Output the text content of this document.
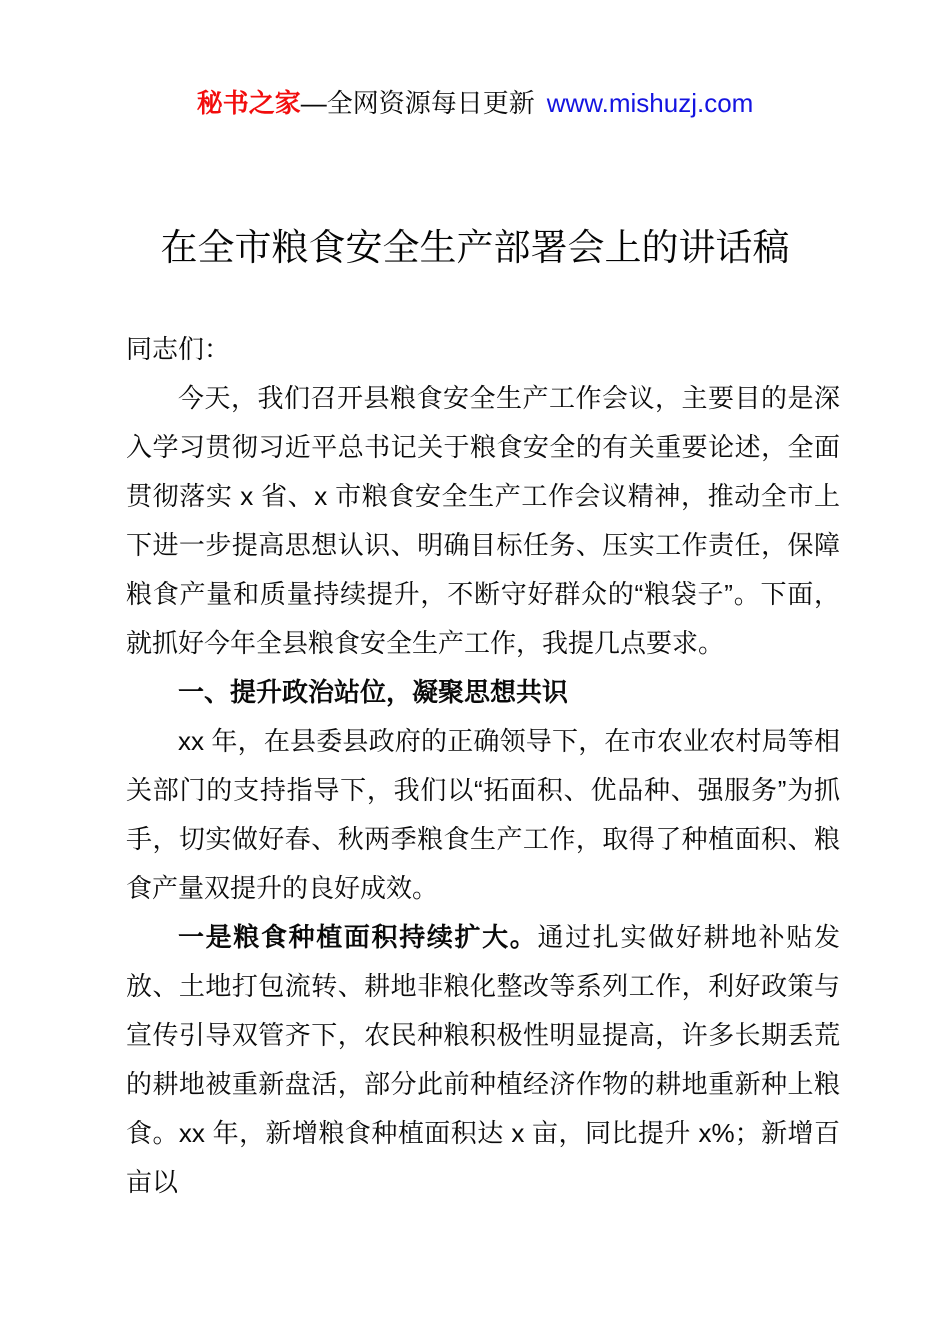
秘书之家—全网资源每日更新 www.mishuzj.com
在全市粮食安全生产部署会上的讲话稿

同志们：

今天，我们召开县粮食安全生产工作会议，主要目的是深入学习贯彻习近平总书记关于粮食安全的有关重要论述，全面贯彻落实 x 省、x 市粮食安全生产工作会议精神，推动全市上下进一步提高思想认识、明确目标任务、压实工作责任，保障粮食产量和质量持续提升，不断守好群众的“粮袋子”。下面，就抓好今年全县粮食安全生产工作，我提几点要求。

一、提升政治站位，凝聚思想共识

xx 年，在县委县政府的正确领导下，在市农业农村局等相关部门的支持指导下，我们以“拓面积、优品种、强服务”为抓手，切实做好春、秋两季粮食生产工作，取得了种植面积、粮食产量双提升的良好成效。

一是粮食种植面积持续扩大。通过扎实做好耕地补贴发放、土地打包流转、耕地非粮化整改等系列工作，利好政策与宣传引导双管齐下，农民种粮积极性明显提高，许多长期丢荒的耕地被重新盘活，部分此前种植经济作物的耕地重新种上粮食。xx 年，新增粮食种植面积达 x 亩，同比提升 x%；新增百亩以
